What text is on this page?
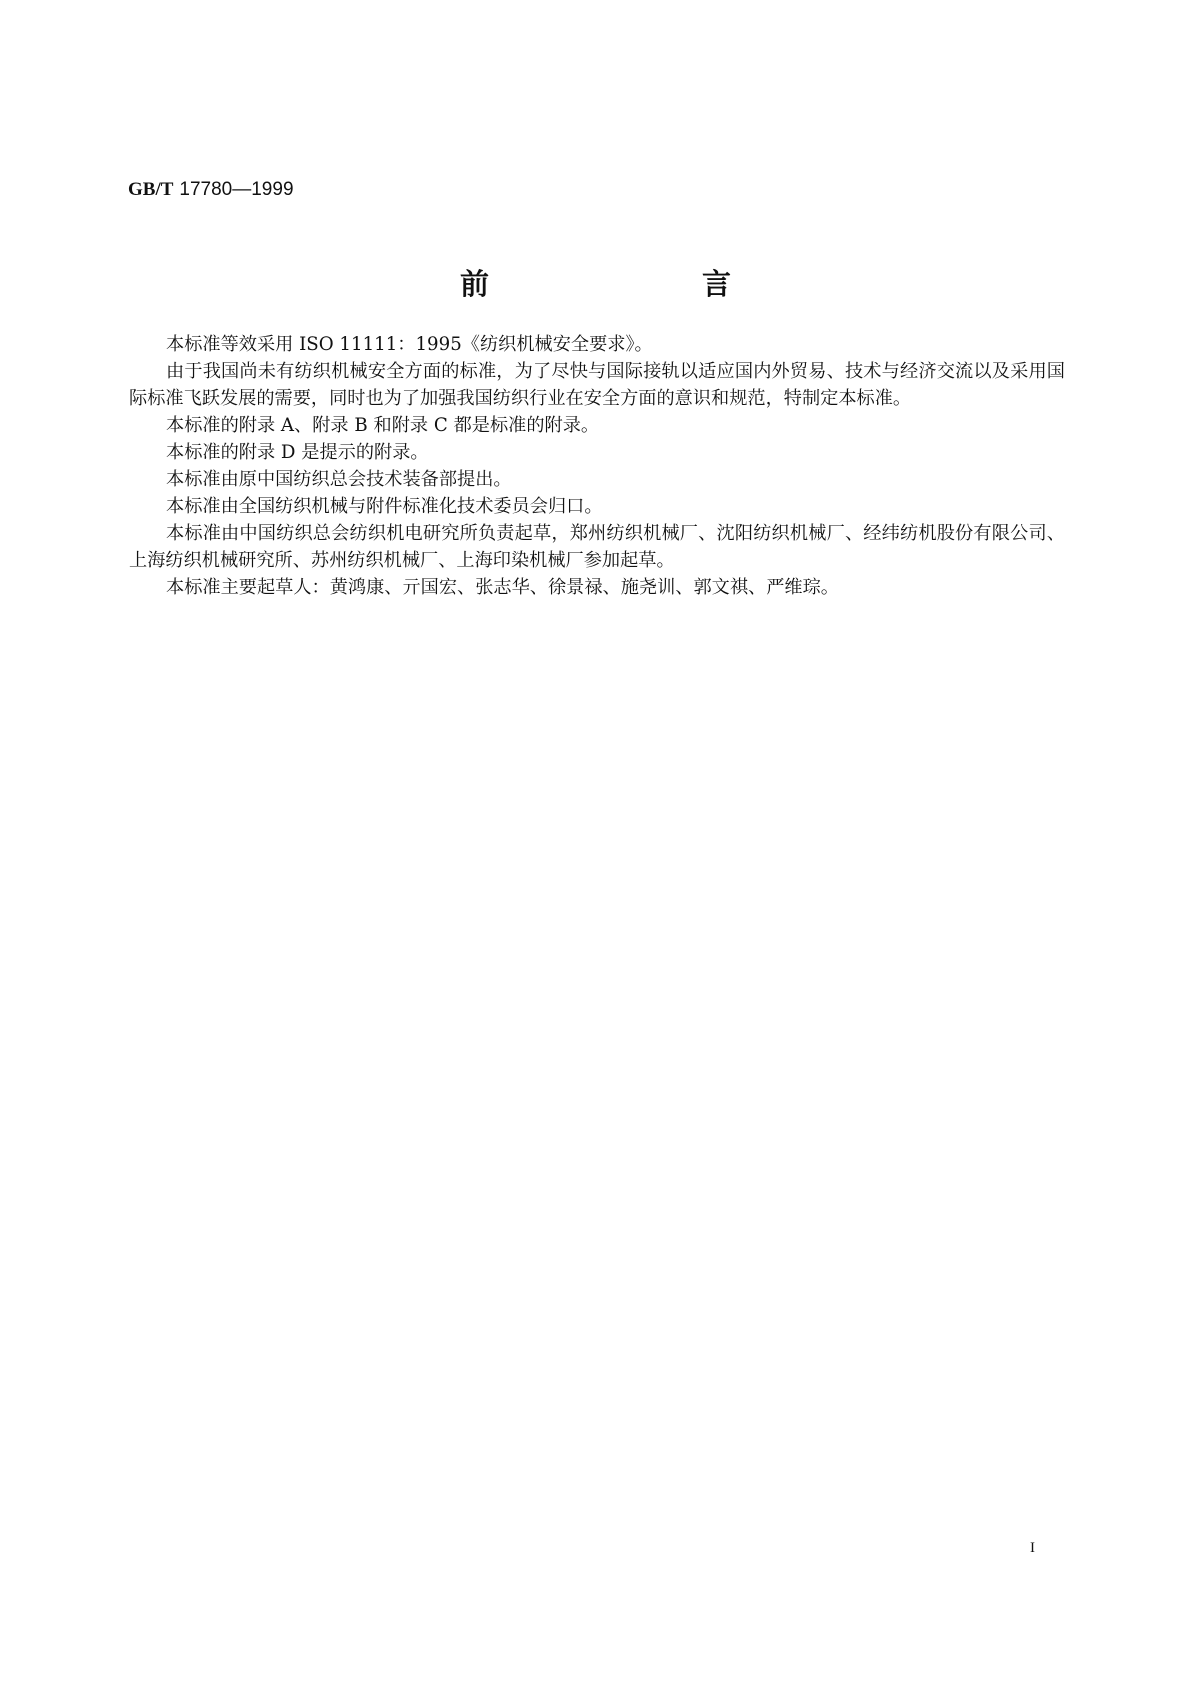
GB/T 17780—1999
前　言

本标准等效采用 ISO 11111：1995《纺织机械安全要求》。

由于我国尚未有纺织机械安全方面的标准，为了尽快与国际接轨以适应国内外贸易、技术与经济交流以及采用国际标准飞跃发展的需要，同时也为了加强我国纺织行业在安全方面的意识和规范，特制定本标准。

本标准的附录 A、附录 B 和附录 C 都是标准的附录。

本标准的附录 D 是提示的附录。

本标准由原中国纺织总会技术装备部提出。

本标准由全国纺织机械与附件标准化技术委员会归口。

本标准由中国纺织总会纺织机电研究所负责起草，郑州纺织机械厂、沈阳纺织机械厂、经纬纺机股份有限公司、上海纺织机械研究所、苏州纺织机械厂、上海印染机械厂参加起草。

本标准主要起草人：黄鸿康、亓国宏、张志华、徐景禄、施尧训、郭文祺、严维琮。

I
